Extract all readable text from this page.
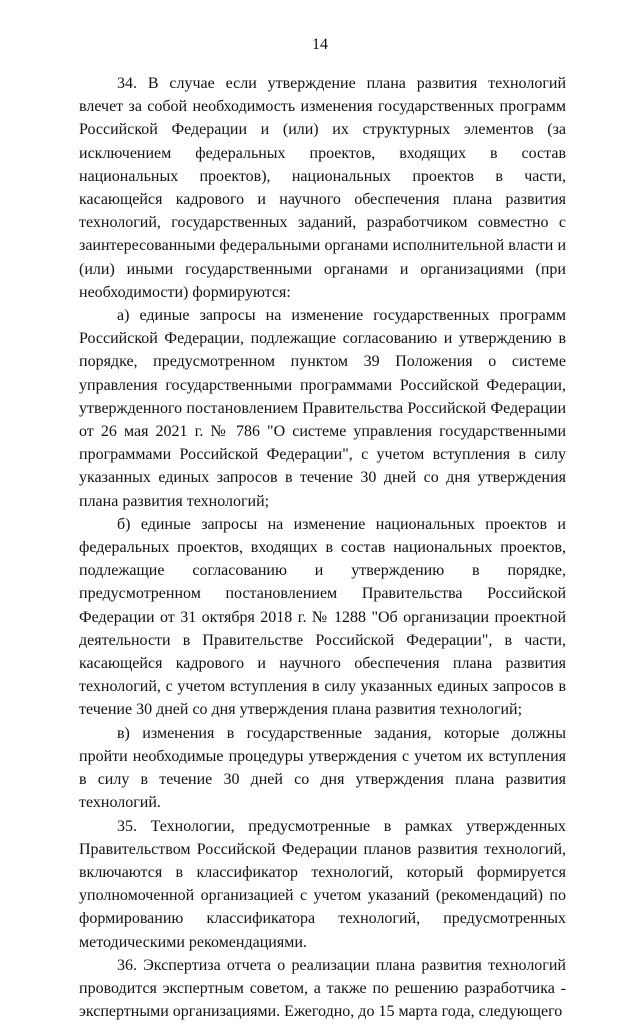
14

34. В случае если утверждение плана развития технологий влечет за собой необходимость изменения государственных программ Российской Федерации и (или) их структурных элементов (за исключением федеральных проектов, входящих в состав национальных проектов), национальных проектов в части, касающейся кадрового и научного обеспечения плана развития технологий, государственных заданий, разработчиком совместно с заинтересованными федеральными органами исполнительной власти и (или) иными государственными органами и организациями (при необходимости) формируются:

а) единые запросы на изменение государственных программ Российской Федерации, подлежащие согласованию и утверждению в порядке, предусмотренном пунктом 39 Положения о системе управления государственными программами Российской Федерации, утвержденного постановлением Правительства Российской Федерации от 26 мая 2021 г. № 786 "О системе управления государственными программами Российской Федерации", с учетом вступления в силу указанных единых запросов в течение 30 дней со дня утверждения плана развития технологий;

б) единые запросы на изменение национальных проектов и федеральных проектов, входящих в состав национальных проектов, подлежащие согласованию и утверждению в порядке, предусмотренном постановлением Правительства Российской Федерации от 31 октября 2018 г. № 1288 "Об организации проектной деятельности в Правительстве Российской Федерации", в части, касающейся кадрового и научного обеспечения плана развития технологий, с учетом вступления в силу указанных единых запросов в течение 30 дней со дня утверждения плана развития технологий;

в) изменения в государственные задания, которые должны пройти необходимые процедуры утверждения с учетом их вступления в силу в течение 30 дней со дня утверждения плана развития технологий.

35. Технологии, предусмотренные в рамках утвержденных Правительством Российской Федерации планов развития технологий, включаются в классификатор технологий, который формируется уполномоченной организацией с учетом указаний (рекомендаций) по формированию классификатора технологий, предусмотренных методическими рекомендациями.

36. Экспертиза отчета о реализации плана развития технологий проводится экспертным советом, а также по решению разработчика - экспертными организациями. Ежегодно, до 15 марта года, следующего
